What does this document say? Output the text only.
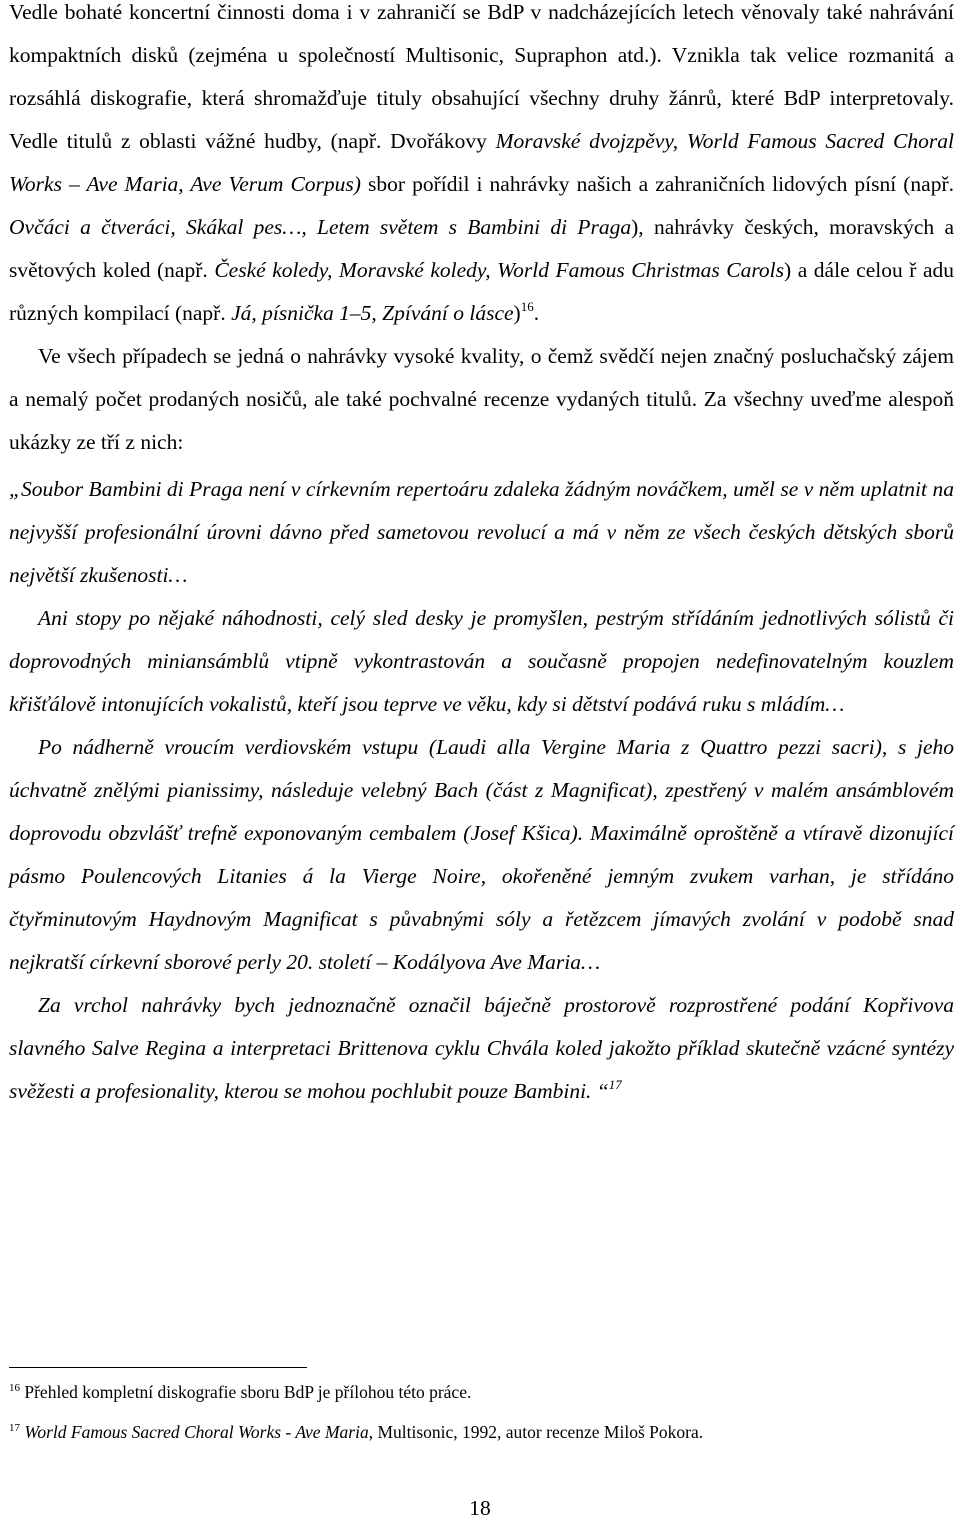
Vedle bohaté koncertní činnosti doma i v zahraničí se BdP v nadcházejících letech věnovaly také nahrávání kompaktních disků (zejména u společností Multisonic, Supraphon atd.). Vznikla tak velice rozmanitá a rozsáhlá diskografie, která shromažďuje tituly obsahující všechny druhy žánrů, které BdP interpretovaly. Vedle titulů z oblasti vážné hudby, (např. Dvořákovy Moravské dvojzpěvy, World Famous Sacred Choral Works – Ave Maria, Ave Verum Corpus) sbor pořídil i nahrávky našich a zahraničních lidových písní (např. Ovčáci a čtveráci, Skákal pes…, Letem světem s Bambini di Praga), nahrávky českých, moravských a světových koled (např. České koledy, Moravské koledy, World Famous Christmas Carols) a dále celou ř adu různých kompilací (např. Já, písnička 1–5, Zpívání o lásce)$^{16}$.

Ve všech případech se jedná o nahrávky vysoké kvality, o čemž svědčí nejen značný posluchačský zájem a nemalý počet prodaných nosičů, ale také pochvalné recenze vydaných titulů. Za všechny uveďme alespoň ukázky ze tří z nich:

„Soubor Bambini di Praga není v církevním repertoáru zdaleka žádným nováčkem, uměl se v něm uplatnit na nejvyšší profesionální úrovni dávno před sametovou revolucí a má v něm ze všech českých dětských sborů největší zkušenosti…

Ani stopy po nějaké náhodnosti, celý sled desky je promyšlen, pestrým střídáním jednotlivých sólistů či doprovodných miniansámblů vtipně vykontrastován a současně propojen nedefinovatelným kouzlem křišťálově intonujících vokalistů, kteří jsou teprve ve věku, kdy si dětství podává ruku s mládím…

Po nádherně vroucím verdiovském vstupu (Laudi alla Vergine Maria z Quattro pezzi sacri), s jeho úchvatně znělými pianissimy, následuje velebný Bach (část z Magnificat), zpestřený v malém ansámblovém doprovodu obzvlášť trefně exponovaným cembalem (Josef Kšica). Maximálně oproštěně a vtíravě dizonující pásmo Poulencových Litanies á la Vierge Noire, okořeněné jemným zvukem varhan, je střídáno čtyřminutovým Haydnovým Magnificat s půvabnými sóly a řetězcem jímavých zvolání v podobě snad nejkratší církevní sborové perly 20. století – Kodályova Ave Maria…

Za vrchol nahrávky bych jednoznačně označil báječně prostorově rozprostřené podání Kopřivova slavného Salve Regina a interpretaci Brittenova cyklu Chvála koled jakožto příklad skutečně vzácné syntézy svěžesti a profesionality, kterou se mohou pochlubit pouze Bambini. “$^{17}$

$^{16}$ Přehled kompletní diskografie sboru BdP je přílohou této práce.

$^{17}$ World Famous Sacred Choral Works - Ave Maria, Multisonic, 1992, autor recenze Miloš Pokora.

18
